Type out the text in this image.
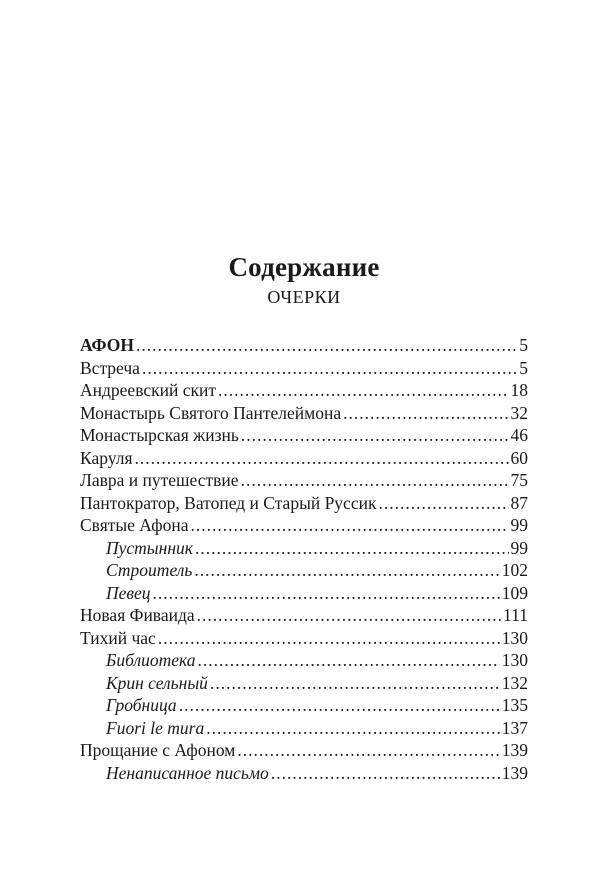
Содержание
ОЧЕРКИ
АФОН .....	5
Встреча .....	5
Андреевский скит .....	18
Монастырь Святого Пантелеймона .....	32
Монастырская жизнь .....	46
Каруля .....	60
Лавра и путешествие .....	75
Пантократор, Ватопед и Старый Руссик .....	87
Святые Афона .....	99
Пустынник .....	99
Строитель .....	102
Певец .....	109
Новая Фиваида .....	111
Тихий час .....	130
Библиотека .....	130
Крин сельный .....	132
Гробница .....	135
Fuori le mura .....	137
Прощание с Афоном .....	139
Ненаписанное письмо .....	139
